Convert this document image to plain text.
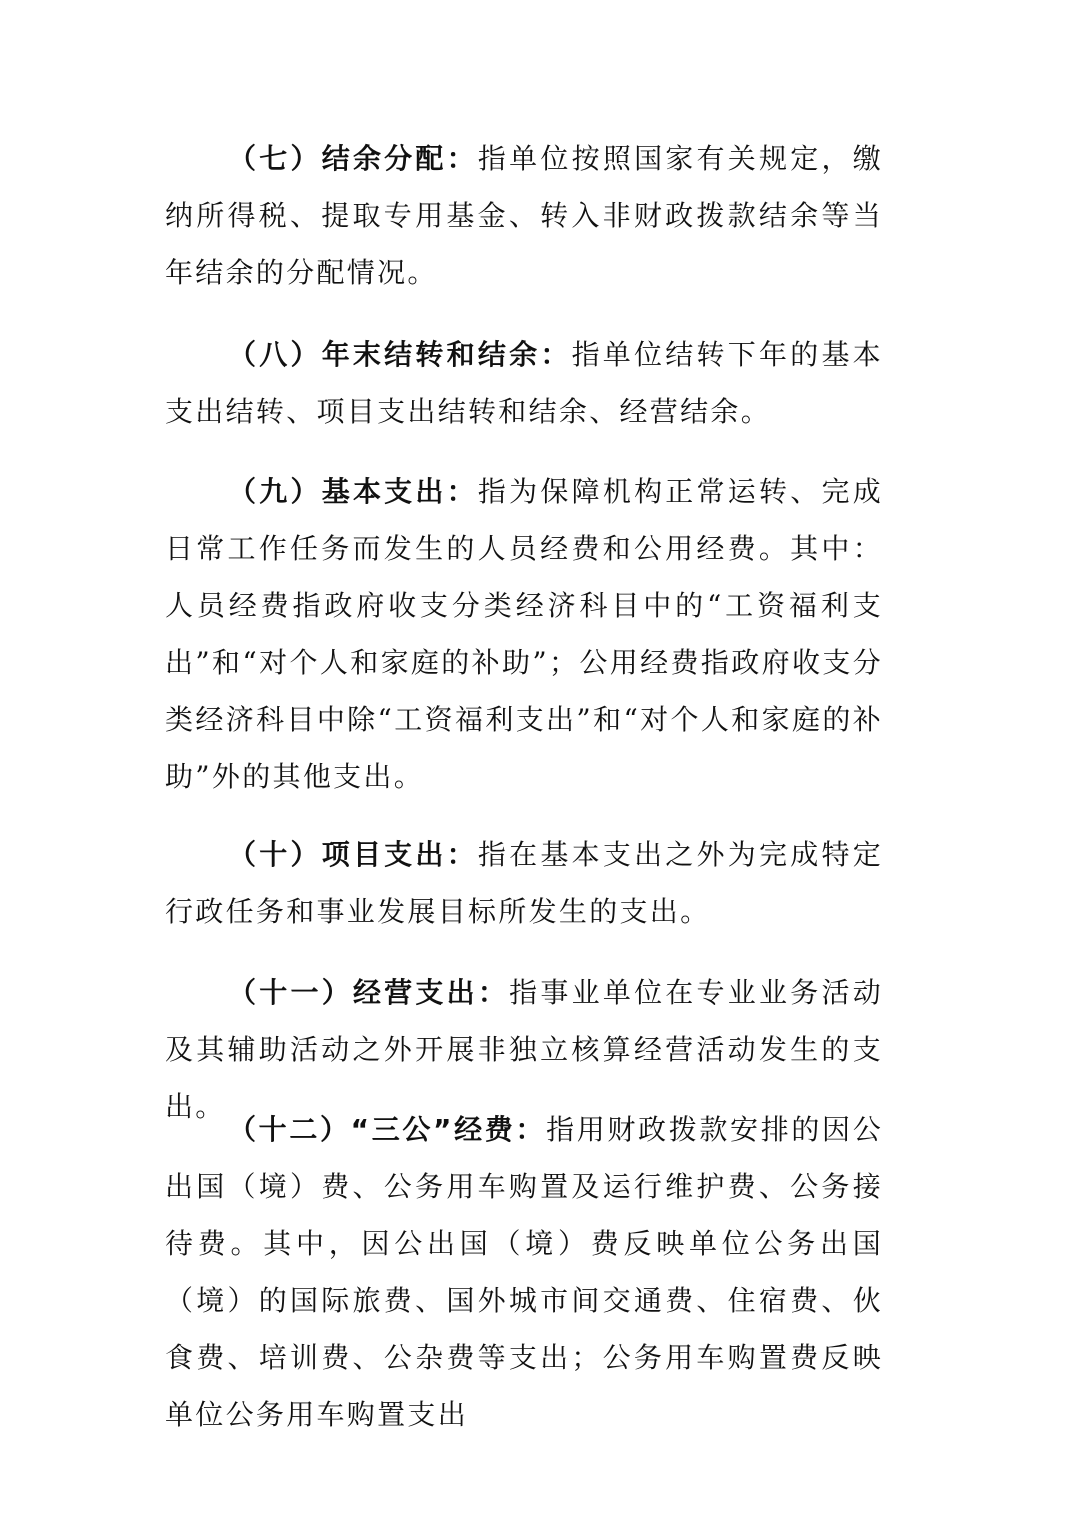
（七）结余分配：指单位按照国家有关规定，缴纳所得税、提取专用基金、转入非财政拨款结余等当年结余的分配情况。

（八）年末结转和结余：指单位结转下年的基本支出结转、项目支出结转和结余、经营结余。

（九）基本支出：指为保障机构正常运转、完成日常工作任务而发生的人员经费和公用经费。其中：人员经费指政府收支分类经济科目中的“工资福利支出”和“对个人和家庭的补助”；公用经费指政府收支分类经济科目中除“工资福利支出”和“对个人和家庭的补助”外的其他支出。

（十）项目支出：指在基本支出之外为完成特定行政任务和事业发展目标所发生的支出。

（十一）经营支出：指事业单位在专业业务活动及其辅助活动之外开展非独立核算经营活动发生的支出。

（十二）“三公”经费：指用财政拨款安排的因公出国（境）费、公务用车购置及运行维护费、公务接待费。其中，因公出国（境）费反映单位公务出国（境）的国际旅费、国外城市间交通费、住宿费、伙食费、培训费、公杂费等支出；公务用车购置费反映单位公务用车购置支出
